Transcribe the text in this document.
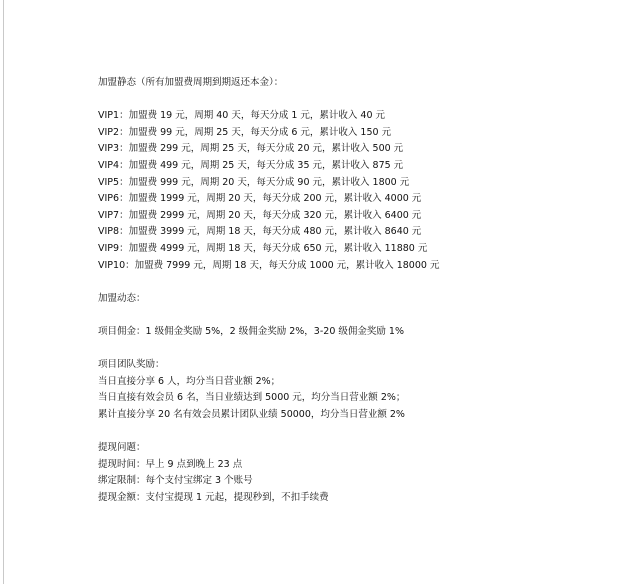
加盟静态（所有加盟费周期到期返还本金）：
VIP1：加盟费 19 元，周期 40 天，每天分成 1 元，累计收入 40 元
VIP2：加盟费 99 元，周期 25 天，每天分成 6 元，累计收入 150 元
VIP3：加盟费 299 元，周期 25 天，每天分成 20 元，累计收入 500 元
VIP4：加盟费 499 元，周期 25 天，每天分成 35 元，累计收入 875 元
VIP5：加盟费 999 元，周期 20 天，每天分成 90 元，累计收入 1800 元
VIP6：加盟费 1999 元，周期 20 天，每天分成 200 元，累计收入 4000 元
VIP7：加盟费 2999 元，周期 20 天，每天分成 320 元，累计收入 6400 元
VIP8：加盟费 3999 元，周期 18 天，每天分成 480 元，累计收入 8640 元
VIP9：加盟费 4999 元，周期 18 天，每天分成 650 元，累计收入 11880 元
VIP10：加盟费 7999 元，周期 18 天，每天分成 1000 元，累计收入 18000 元
加盟动态：
项目佣金：1 级佣金奖励 5%，2 级佣金奖励 2%，3-20 级佣金奖励 1%
项目团队奖励：
当日直接分享 6 人，均分当日营业额 2%；
当日直接有效会员 6 名，当日业绩达到 5000 元，均分当日营业额 2%；
累计直接分享 20 名有效会员累计团队业绩 50000，均分当日营业额 2%
提现问题：
提现时间：早上 9 点到晚上 23 点
绑定限制：每个支付宝绑定 3 个账号
提现金额：支付宝提现 1 元起，提现秒到，不扣手续费
